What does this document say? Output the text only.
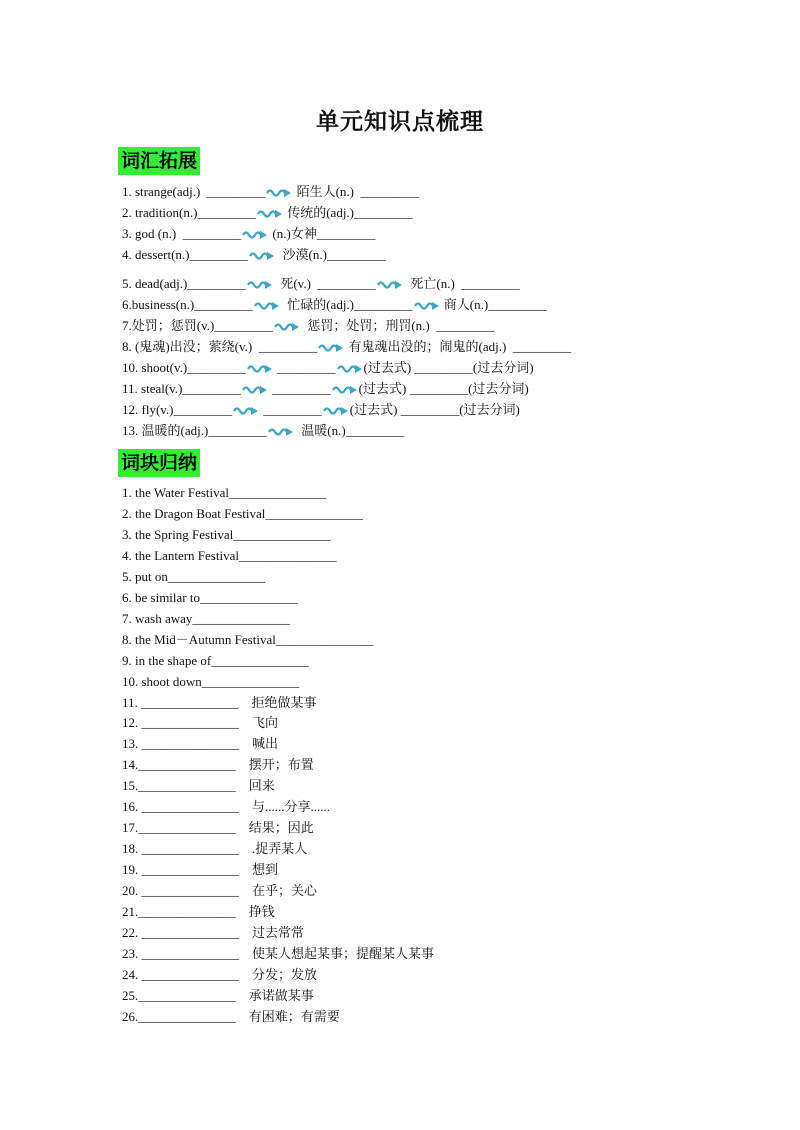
单元知识点梳理
词汇拓展
词块归纳
1. strange(adj.)  _________ 陌生人(n.)  _________
2. tradition(n.)_________ 传统的(adj.)_________
3. god (n.)  _________ (n.)女神_________
4. dessert(n.)_________  沙漠(n.)_________
5. dead(adj.)_________  死(v.)  _________  死亡(n.)  _________
6.business(n.)_________  忙碌的(adj.)_________ 商人(n.)_________
7.处罚；惩罚(v.)_________  惩罚；处罚；刑罚(n.)  _________
8. (鬼魂)出没；萦绕(v.)  _________ 有鬼魂出没的；闹鬼的(adj.)  _________
10. shoot(v.)_________ _________ (过去式) _________(过去分词)
11. steal(v.)_________ _________ (过去式) _________(过去分词)
12. fly(v.)_________ _________ (过去式) _________(过去分词)
13. 温暖的(adj.)_________  温暖(n.)_________
1. the Water Festival_______________
2. the Dragon Boat Festival_______________
3. the Spring Festival_______________
4. the Lantern Festival_______________
5. put on_______________
6. be similar to_______________
7. wash away_______________
8. the Mid－Autumn Festival_______________
9. in the shape of_______________
10. shoot down_______________
11. _______________    拒绝做某事
12. _______________    飞向
13. _______________    喊出
14._______________    摆开；布置
15._______________    回来
16. _______________    与......分享......
17._______________    结果；因此
18. _______________    .捉弄某人
19. _______________    想到
20. _______________    在乎；关心
21._______________    挣钱
22. _______________    过去常常
23. _______________    使某人想起某事；提醒某人某事
24. _______________    分发；发放
25._______________    承诺做某事
26._______________    有困难；有需要
